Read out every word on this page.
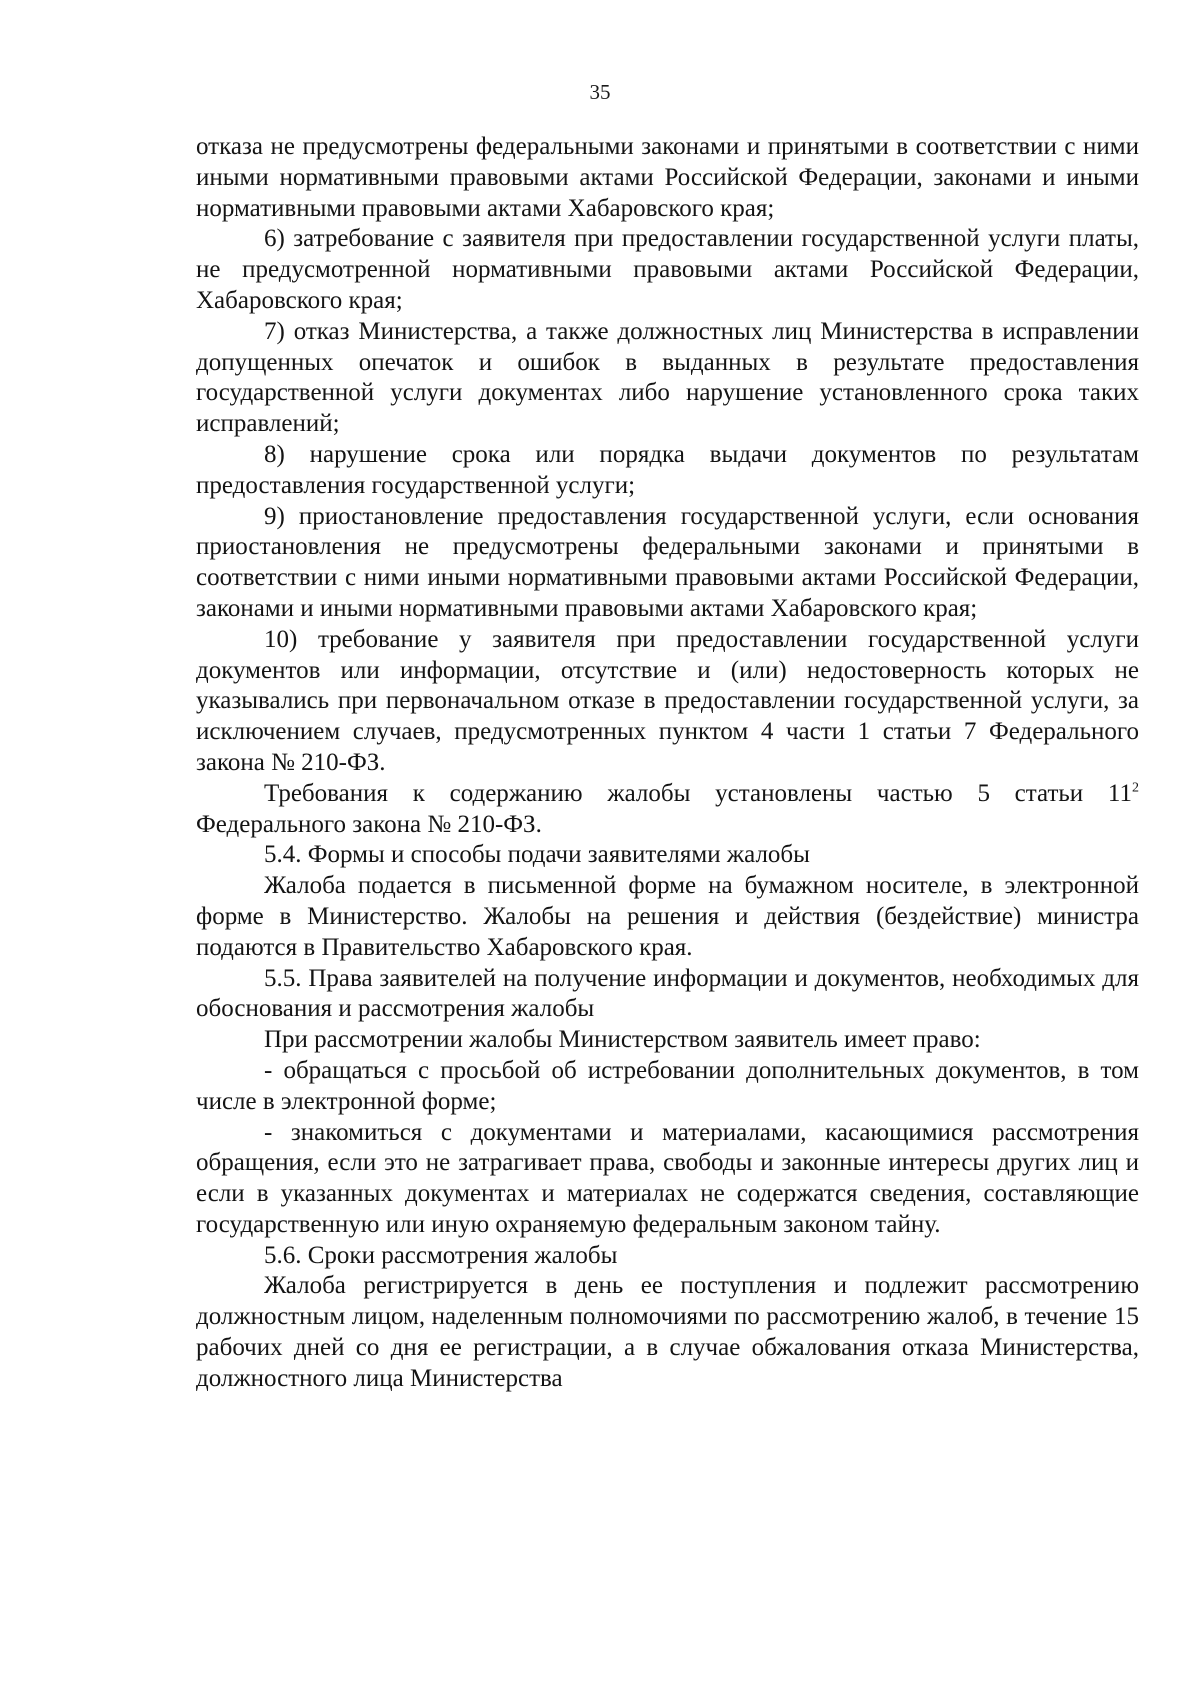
35

отказа не предусмотрены федеральными законами и принятыми в соответствии с ними иными нормативными правовыми актами Российской Федерации, законами и иными нормативными правовыми актами Хабаровского края;

6) затребование с заявителя при предоставлении государственной услуги платы, не предусмотренной нормативными правовыми актами Российской Федерации, Хабаровского края;

7) отказ Министерства, а также должностных лиц Министерства в исправлении допущенных опечаток и ошибок в выданных в результате предоставления государственной услуги документах либо нарушение установленного срока таких исправлений;

8) нарушение срока или порядка выдачи документов по результатам предоставления государственной услуги;

9) приостановление предоставления государственной услуги, если основания приостановления не предусмотрены федеральными законами и принятыми в соответствии с ними иными нормативными правовыми актами Российской Федерации, законами и иными нормативными правовыми актами Хабаровского края;

10) требование у заявителя при предоставлении государственной услуги документов или информации, отсутствие и (или) недостоверность которых не указывались при первоначальном отказе в предоставлении государственной услуги, за исключением случаев, предусмотренных пунктом 4 части 1 статьи 7 Федерального закона № 210-ФЗ.

Требования к содержанию жалобы установлены частью 5 статьи $11^2$ Федерального закона № 210-ФЗ.

5.4. Формы и способы подачи заявителями жалобы

Жалоба подается в письменной форме на бумажном носителе, в электронной форме в Министерство. Жалобы на решения и действия (бездействие) министра подаются в Правительство Хабаровского края.

5.5. Права заявителей на получение информации и документов, необходимых для обоснования и рассмотрения жалобы

При рассмотрении жалобы Министерством заявитель имеет право:

- обращаться с просьбой об истребовании дополнительных документов, в том числе в электронной форме;

- знакомиться с документами и материалами, касающимися рассмотрения обращения, если это не затрагивает права, свободы и законные интересы других лиц и если в указанных документах и материалах не содержатся сведения, составляющие государственную или иную охраняемую федеральным законом тайну.

5.6. Сроки рассмотрения жалобы

Жалоба регистрируется в день ее поступления и подлежит рассмотрению должностным лицом, наделенным полномочиями по рассмотрению жалоб, в течение 15 рабочих дней со дня ее регистрации, а в случае обжалования отказа Министерства, должностного лица Министерства
